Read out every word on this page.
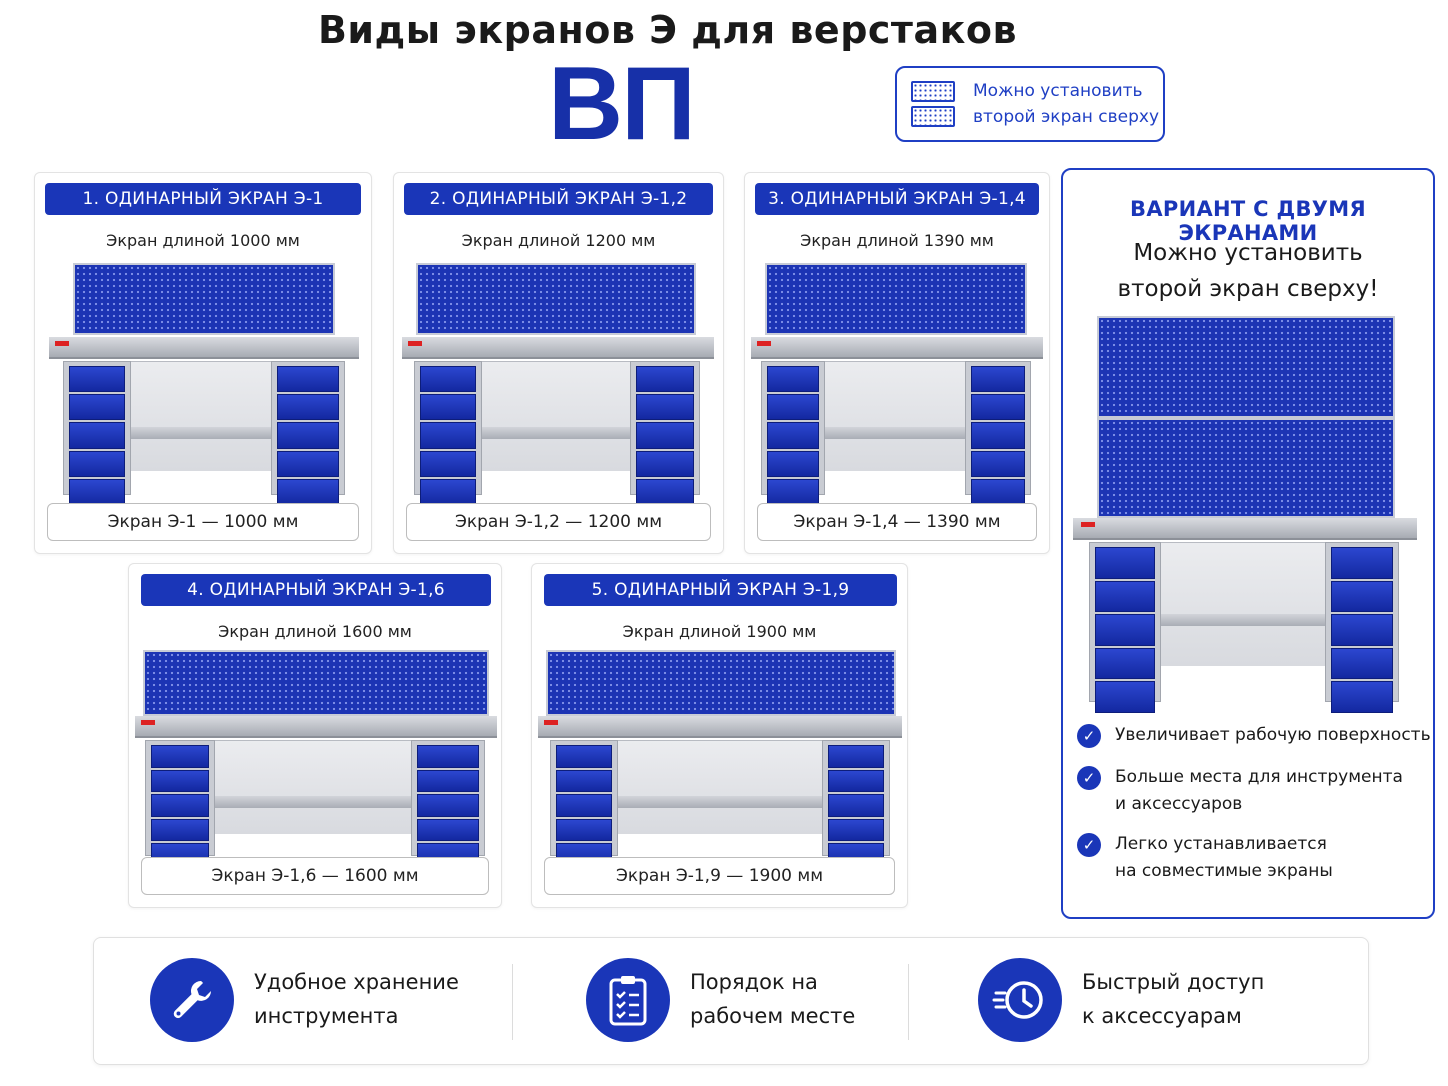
Виды экранов Э для верстаков
ВП	Можно установить
второй экран сверху
1. ОДИНАРНЫЙ ЭКРАН Э-1
Экран длиной 1000 мм
Экран Э-1 — 1000 мм
2. ОДИНАРНЫЙ ЭКРАН Э-1,2
Экран длиной 1200 мм
Экран Э-1,2 — 1200 мм
3. ОДИНАРНЫЙ ЭКРАН Э-1,4
Экран длиной 1390 мм
Экран Э-1,4 — 1390 мм
4. ОДИНАРНЫЙ ЭКРАН Э-1,6
Экран длиной 1600 мм
Экран Э-1,6 — 1600 мм
5. ОДИНАРНЫЙ ЭКРАН Э-1,9
Экран длиной 1900 мм
Экран Э-1,9 — 1900 мм
ВАРИАНТ С ДВУМЯ ЭКРАНАМИ
Можно установить
второй экран сверху!
✓	Увеличивает рабочую поверхность
✓	Больше места для инструмента
и аксессуаров
✓	Легко устанавливается
на совместимые экраны
Удобное хранение
инструмента
Порядок на
рабочем месте
Быстрый доступ
к аксессуарам
